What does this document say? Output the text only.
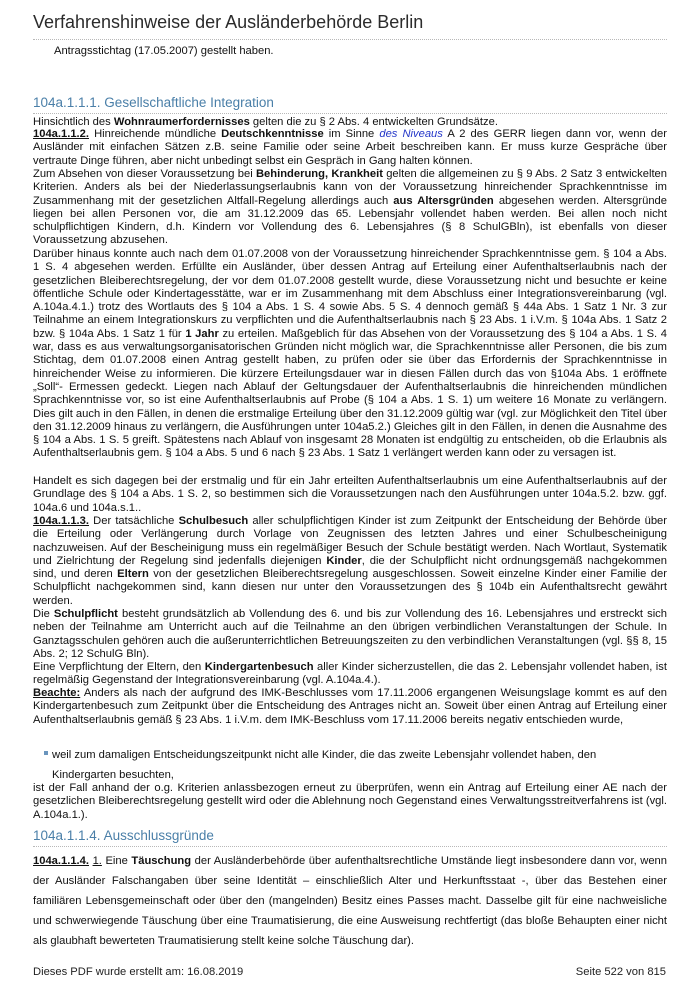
Verfahrenshinweise der Ausländerbehörde Berlin

Antragsstichtag (17.05.2007) gestellt haben.

104a.1.1.1. Gesellschaftliche Integration

Hinsichtlich des Wohnraumerfordernisses gelten die zu § 2 Abs. 4 entwickelten Grundsätze.

104a.1.1.2. Hinreichende mündliche Deutschkenntnisse im Sinne des Niveaus A 2 des GERR liegen dann vor, wenn der Ausländer mit einfachen Sätzen z.B. seine Familie oder seine Arbeit beschreiben kann. Er muss kurze Gespräche über vertraute Dinge führen, aber nicht unbedingt selbst ein Gespräch in Gang halten können.

Zum Absehen von dieser Voraussetzung bei Behinderung, Krankheit gelten die allgemeinen zu § 9 Abs. 2 Satz 3 entwickelten Kriterien. Anders als bei der Niederlassungserlaubnis kann von der Voraussetzung hinreichender Sprachkenntnisse im Zusammenhang mit der gesetzlichen Altfall-Regelung allerdings auch aus Altersgründen abgesehen werden. Altersgründe liegen bei allen Personen vor, die am 31.12.2009 das 65. Lebensjahr vollendet haben werden. Bei allen noch nicht schulpflichtigen Kindern, d.h. Kindern vor Vollendung des 6. Lebensjahres (§ 8 SchulGBln), ist ebenfalls von dieser Voraussetzung abzusehen.

Darüber hinaus konnte auch nach dem 01.07.2008 von der Voraussetzung hinreichender Sprachkenntnisse gem. § 104 a Abs. 1 S. 4 abgesehen werden. Erfüllte ein Ausländer, über dessen Antrag auf Erteilung einer Aufenthaltserlaubnis nach der gesetzlichen Bleiberechtsregelung, der vor dem 01.07.2008 gestellt wurde, diese Voraussetzung nicht und besuchte er keine öffentliche Schule oder Kindertagesstätte, war er im Zusammenhang mit dem Abschluss einer Integrationsvereinbarung (vgl. A.104a.4.1.) trotz des Wortlauts des § 104 a Abs. 1 S. 4 sowie Abs. 5 S. 4 dennoch gemäß § 44a Abs. 1 Satz 1 Nr. 3 zur Teilnahme an einem Integrationskurs zu verpflichten und die Aufenthaltserlaubnis nach § 23 Abs. 1 i.V.m. § 104a Abs. 1 Satz 2 bzw. § 104a Abs. 1 Satz 1 für 1 Jahr zu erteilen. Maßgeblich für das Absehen von der Voraussetzung des § 104 a Abs. 1 S. 4 war, dass es aus verwaltungsorganisatorischen Gründen nicht möglich war, die Sprachkenntnisse aller Personen, die bis zum Stichtag, dem 01.07.2008 einen Antrag gestellt haben, zu prüfen oder sie über das Erfordernis der Sprachkenntnisse in hinreichender Weise zu informieren. Die kürzere Erteilungsdauer war in diesen Fällen durch das von §104a Abs. 1 eröffnete „Soll“- Ermessen gedeckt. Liegen nach Ablauf der Geltungsdauer der Aufenthaltserlaubnis die hinreichenden mündlichen Sprachkenntnisse vor, so ist eine Aufenthaltserlaubnis auf Probe (§ 104 a Abs. 1 S. 1) um weitere 16 Monate zu verlängern. Dies gilt auch in den Fällen, in denen die erstmalige Erteilung über den 31.12.2009 gültig war (vgl. zur Möglichkeit den Titel über den 31.12.2009 hinaus zu verlängern, die Ausführungen unter 104a5.2.) Gleiches gilt in den Fällen, in denen die Ausnahme des § 104 a Abs. 1 S. 5 greift. Spätestens nach Ablauf von insgesamt 28 Monaten ist endgültig zu entscheiden, ob die Erlaubnis als Aufenthaltserlaubnis gem. § 104 a Abs. 5 und 6 nach § 23 Abs. 1 Satz 1 verlängert werden kann oder zu versagen ist.

Handelt es sich dagegen bei der erstmalig und für ein Jahr erteilten Aufenthaltserlaubnis um eine Aufenthaltserlaubnis auf der Grundlage des § 104 a Abs. 1 S. 2, so bestimmen sich die Voraussetzungen nach den Ausführungen unter 104a.5.2. bzw. ggf. 104a.6 und 104a.s.1..

104a.1.1.3. Der tatsächliche Schulbesuch aller schulpflichtigen Kinder ist zum Zeitpunkt der Entscheidung der Behörde über die Erteilung oder Verlängerung durch Vorlage von Zeugnissen des letzten Jahres und einer Schulbescheinigung nachzuweisen. Auf der Bescheinigung muss ein regelmäßiger Besuch der Schule bestätigt werden. Nach Wortlaut, Systematik und Zielrichtung der Regelung sind jedenfalls diejenigen Kinder, die der Schulpflicht nicht ordnungsgemäß nachgekommen sind, und deren Eltern von der gesetzlichen Bleiberechtsregelung ausgeschlossen. Soweit einzelne Kinder einer Familie der Schulpflicht nachgekommen sind, kann diesen nur unter den Voraussetzungen des § 104b ein Aufenthaltsrecht gewährt werden.

Die Schulpflicht besteht grundsätzlich ab Vollendung des 6. und bis zur Vollendung des 16. Lebensjahres und erstreckt sich neben der Teilnahme am Unterricht auch auf die Teilnahme an den übrigen verbindlichen Veranstaltungen der Schule. In Ganztagsschulen gehören auch die außerunterrichtlichen Betreuungszeiten zu den verbindlichen Veranstaltungen (vgl. §§ 8, 15 Abs. 2; 12 SchulG Bln).

Eine Verpflichtung der Eltern, den Kindergartenbesuch aller Kinder sicherzustellen, die das 2. Lebensjahr vollendet haben, ist regelmäßig Gegenstand der Integrationsvereinbarung (vgl. A.104a.4.).

Beachte: Anders als nach der aufgrund des IMK-Beschlusses vom 17.11.2006 ergangenen Weisungslage kommt es auf den Kindergartenbesuch zum Zeitpunkt über die Entscheidung des Antrages nicht an. Soweit über einen Antrag auf Erteilung einer Aufenthaltserlaubnis gemäß § 23 Abs. 1 i.V.m. dem IMK-Beschluss vom 17.11.2006 bereits negativ entschieden wurde,

weil zum damaligen Entscheidungszeitpunkt nicht alle Kinder, die das zweite Lebensjahr vollendet haben, den
Kindergarten besuchten,

ist der Fall anhand der o.g. Kriterien anlassbezogen erneut zu überprüfen, wenn ein Antrag auf Erteilung einer AE nach der gesetzlichen Bleiberechtsregelung gestellt wird oder die Ablehnung noch Gegenstand eines Verwaltungsstreitverfahrens ist (vgl. A.104a.1.).

104a.1.1.4. Ausschlussgründe

104a.1.1.4. 1. Eine Täuschung der Ausländerbehörde über aufenthaltsrechtliche Umstände liegt insbesondere dann vor, wenn der Ausländer Falschangaben über seine Identität – einschließlich Alter und Herkunftsstaat -, über das Bestehen einer familiären Lebensgemeinschaft oder über den (mangelnden) Besitz eines Passes macht. Dasselbe gilt für eine nachweisliche und schwerwiegende Täuschung über eine Traumatisierung, die eine Ausweisung rechtfertigt (das bloße Behaupten einer nicht als glaubhaft bewerteten Traumatisierung stellt keine solche Täuschung dar).

Dieses PDF wurde erstellt am: 16.08.2019	Seite 522 von 815
